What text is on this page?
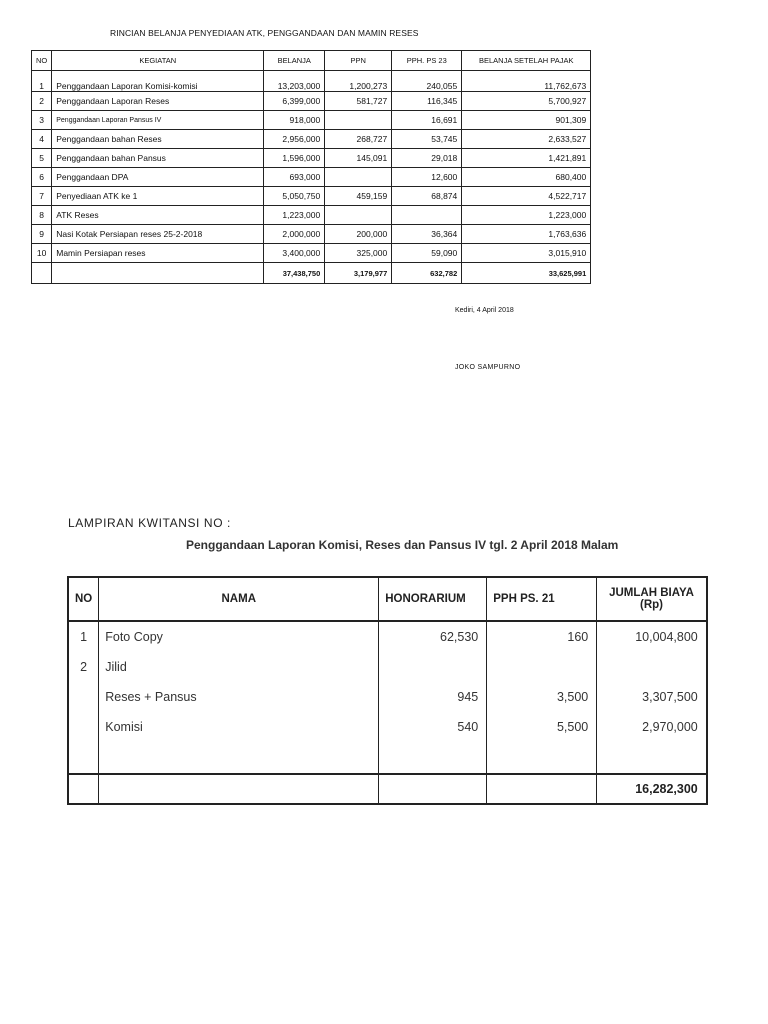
RINCIAN BELANJA PENYEDIAAN ATK, PENGGANDAAN DAN MAMIN RESES
NO	KEGIATAN	BELANJA	PPN	PPH. PS 23	BELANJA SETELAH PAJAK
1	Penggandaan Laporan Komisi-komisi	13,203,000	1,200,273	240,055	11,762,673
2	Penggandaan Laporan Reses	6,399,000	581,727	116,345	5,700,927
3	Penggandaan Laporan Pansus IV	918,000		16,691	901,309
4	Penggandaan bahan Reses	2,956,000	268,727	53,745	2,633,527
5	Penggandaan bahan Pansus	1,596,000	145,091	29,018	1,421,891
6	Penggandaan DPA	693,000		12,600	680,400
7	Penyediaan ATK ke 1	5,050,750	459,159	68,874	4,522,717
8	ATK Reses	1,223,000			1,223,000
9	Nasi Kotak Persiapan reses 25-2-2018	2,000,000	200,000	36,364	1,763,636
10	Mamin Persiapan reses	3,400,000	325,000	59,090	3,015,910
		37,438,750	3,179,977	632,782	33,625,991
Kediri, 4 April 2018
JOKO SAMPURNO
LAMPIRAN KWITANSI NO :
Penggandaan Laporan Komisi, Reses dan Pansus IV tgl. 2 April 2018 Malam
NO	NAMA	HONORARIUM	PPH PS. 21	JUMLAH BIAYA
(Rp)

1	Foto Copy	62,530	160	10,004,800
2	Jilid			
	Reses + Pansus	945	3,500	3,307,500
	Komisi	540	5,500	2,970,000

				16,282,300
